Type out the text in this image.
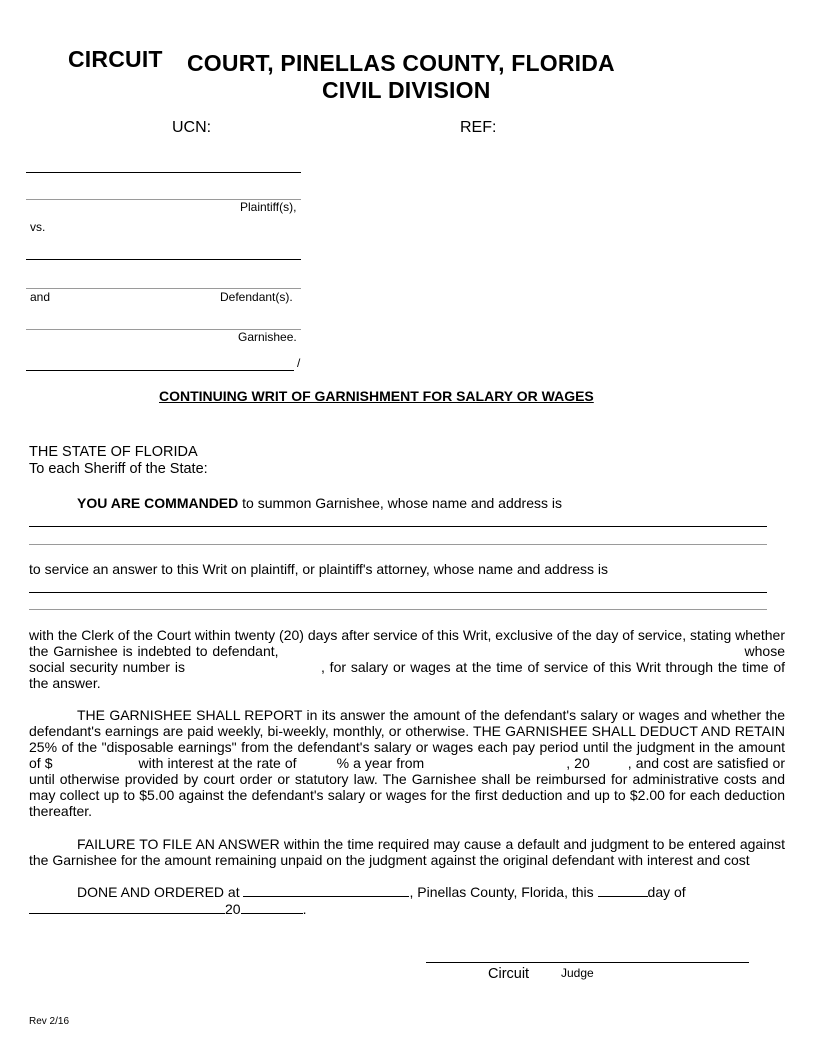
CIRCUIT COURT, PINELLAS COUNTY, FLORIDA
CIVIL DIVISION
UCN:	REF:
Plaintiff(s),
vs.
and	Defendant(s).
Garnishee.
/
CONTINUING WRIT OF GARNISHMENT FOR SALARY OR WAGES
THE STATE OF FLORIDA
To each Sheriff of the State:
YOU ARE COMMANDED to summon Garnishee, whose name and address is
to service an answer to this Writ on plaintiff, or plaintiff's attorney, whose name and address is
with the Clerk of the Court within twenty (20) days after service of this Writ, exclusive of the day of service, stating whether the Garnishee is indebted to defendant,	whose social security number is	, for salary or wages at the time of service of this Writ through the time of the answer.
THE GARNISHEE SHALL REPORT in its answer the amount of the defendant's salary or wages and whether the defendant's earnings are paid weekly, bi-weekly, monthly, or otherwise. THE GARNISHEE SHALL DEDUCT AND RETAIN 25% of the "disposable earnings" from the defendant's salary or wages each pay period until the judgment in the amount of $	with interest at the rate of	% a year from	, 20	, and cost are satisfied or until otherwise provided by court order or statutory law. The Garnishee shall be reimbursed for administrative costs and may collect up to $5.00 against the defendant's salary or wages for the first deduction and up to $2.00 for each deduction thereafter.
FAILURE TO FILE AN ANSWER within the time required may cause a default and judgment to be entered against the Garnishee for the amount remaining unpaid on the judgment against the original defendant with interest and cost
DONE AND ORDERED at	, Pinellas County, Florida, this	day of
20	.
Circuit	Judge
Rev 2/16
